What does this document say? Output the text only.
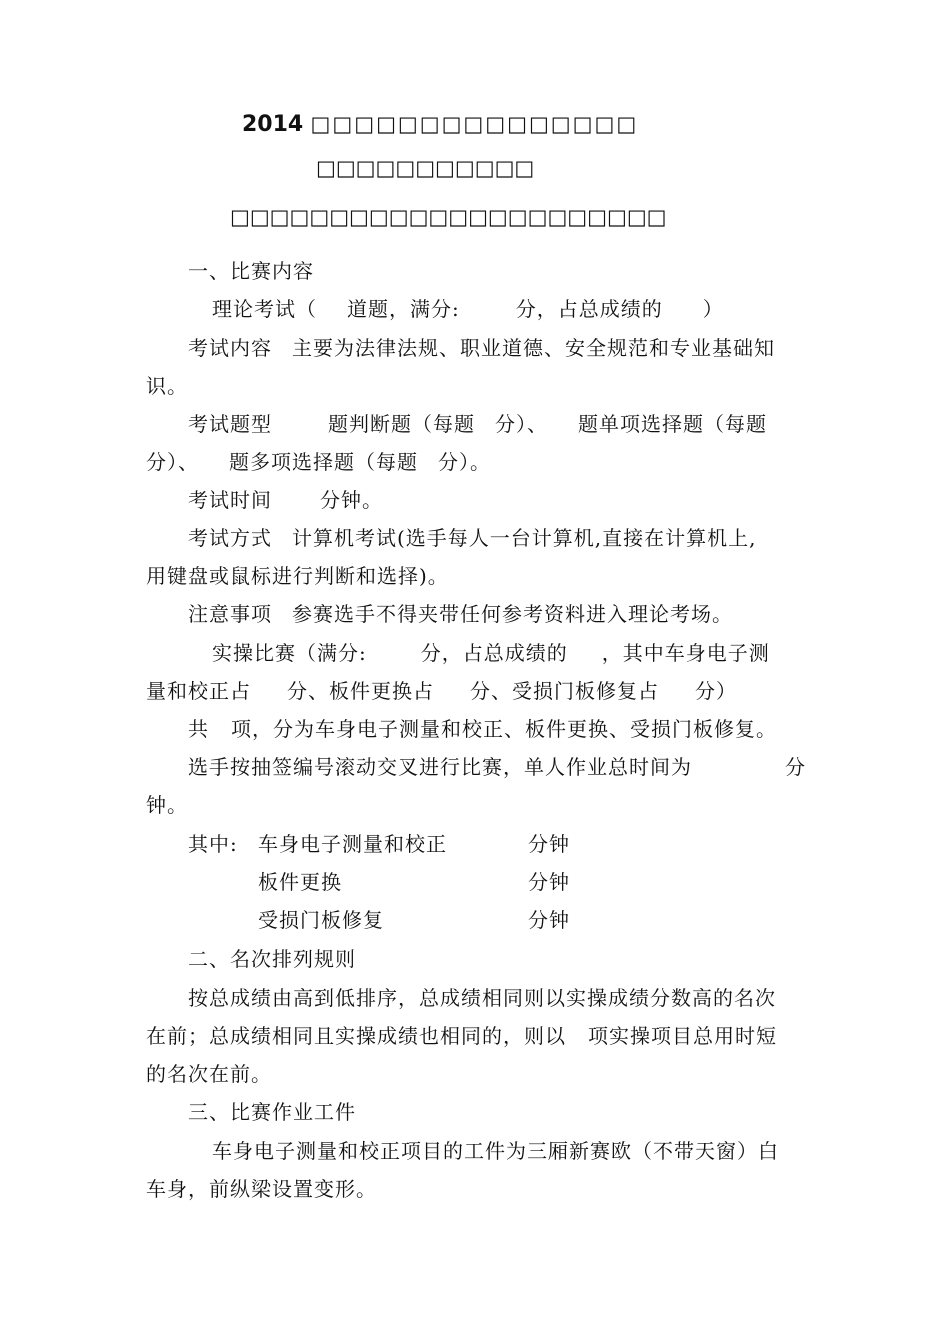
2014 □□□□□□□□□□□□□□□
□□□□□□□□□□□
□□□□□□□□□□□□□□□□□□□□□□
一、比赛内容
理论考试（ 道题，满分:	分，占总成绩的 ）
考试内容 主要为法律法规、职业道德、安全规范和专业基础知
识。
考试题型	题判断题（每题 分）、 题单项选择题（每题
分）、 题多项选择题（每题 分）。
考试时间 分钟。
考试方式 计算机考试(选手每人一台计算机,直接在计算机上,
用键盘或鼠标进行判断和选择)。
注意事项 参赛选手不得夹带任何参考资料进入理论考场。
实操比赛（满分:	分，占总成绩的 ，其中车身电子测
量和校正占 分、板件更换占 分、受损门板修复占 分）
共 项，分为车身电子测量和校正、板件更换、受损门板修复。
选手按抽签编号滚动交叉进行比赛，单人作业总时间为	分
钟。
其中: 车身电子测量和校正	分钟
板件更换	分钟
受损门板修复	分钟
二、名次排列规则
按总成绩由高到低排序，总成绩相同则以实操成绩分数高的名次
在前；总成绩相同且实操成绩也相同的，则以 项实操项目总用时短
的名次在前。
三、比赛作业工件
车身电子测量和校正项目的工件为三厢新赛欧（不带天窗）白
车身，前纵梁设置变形。
